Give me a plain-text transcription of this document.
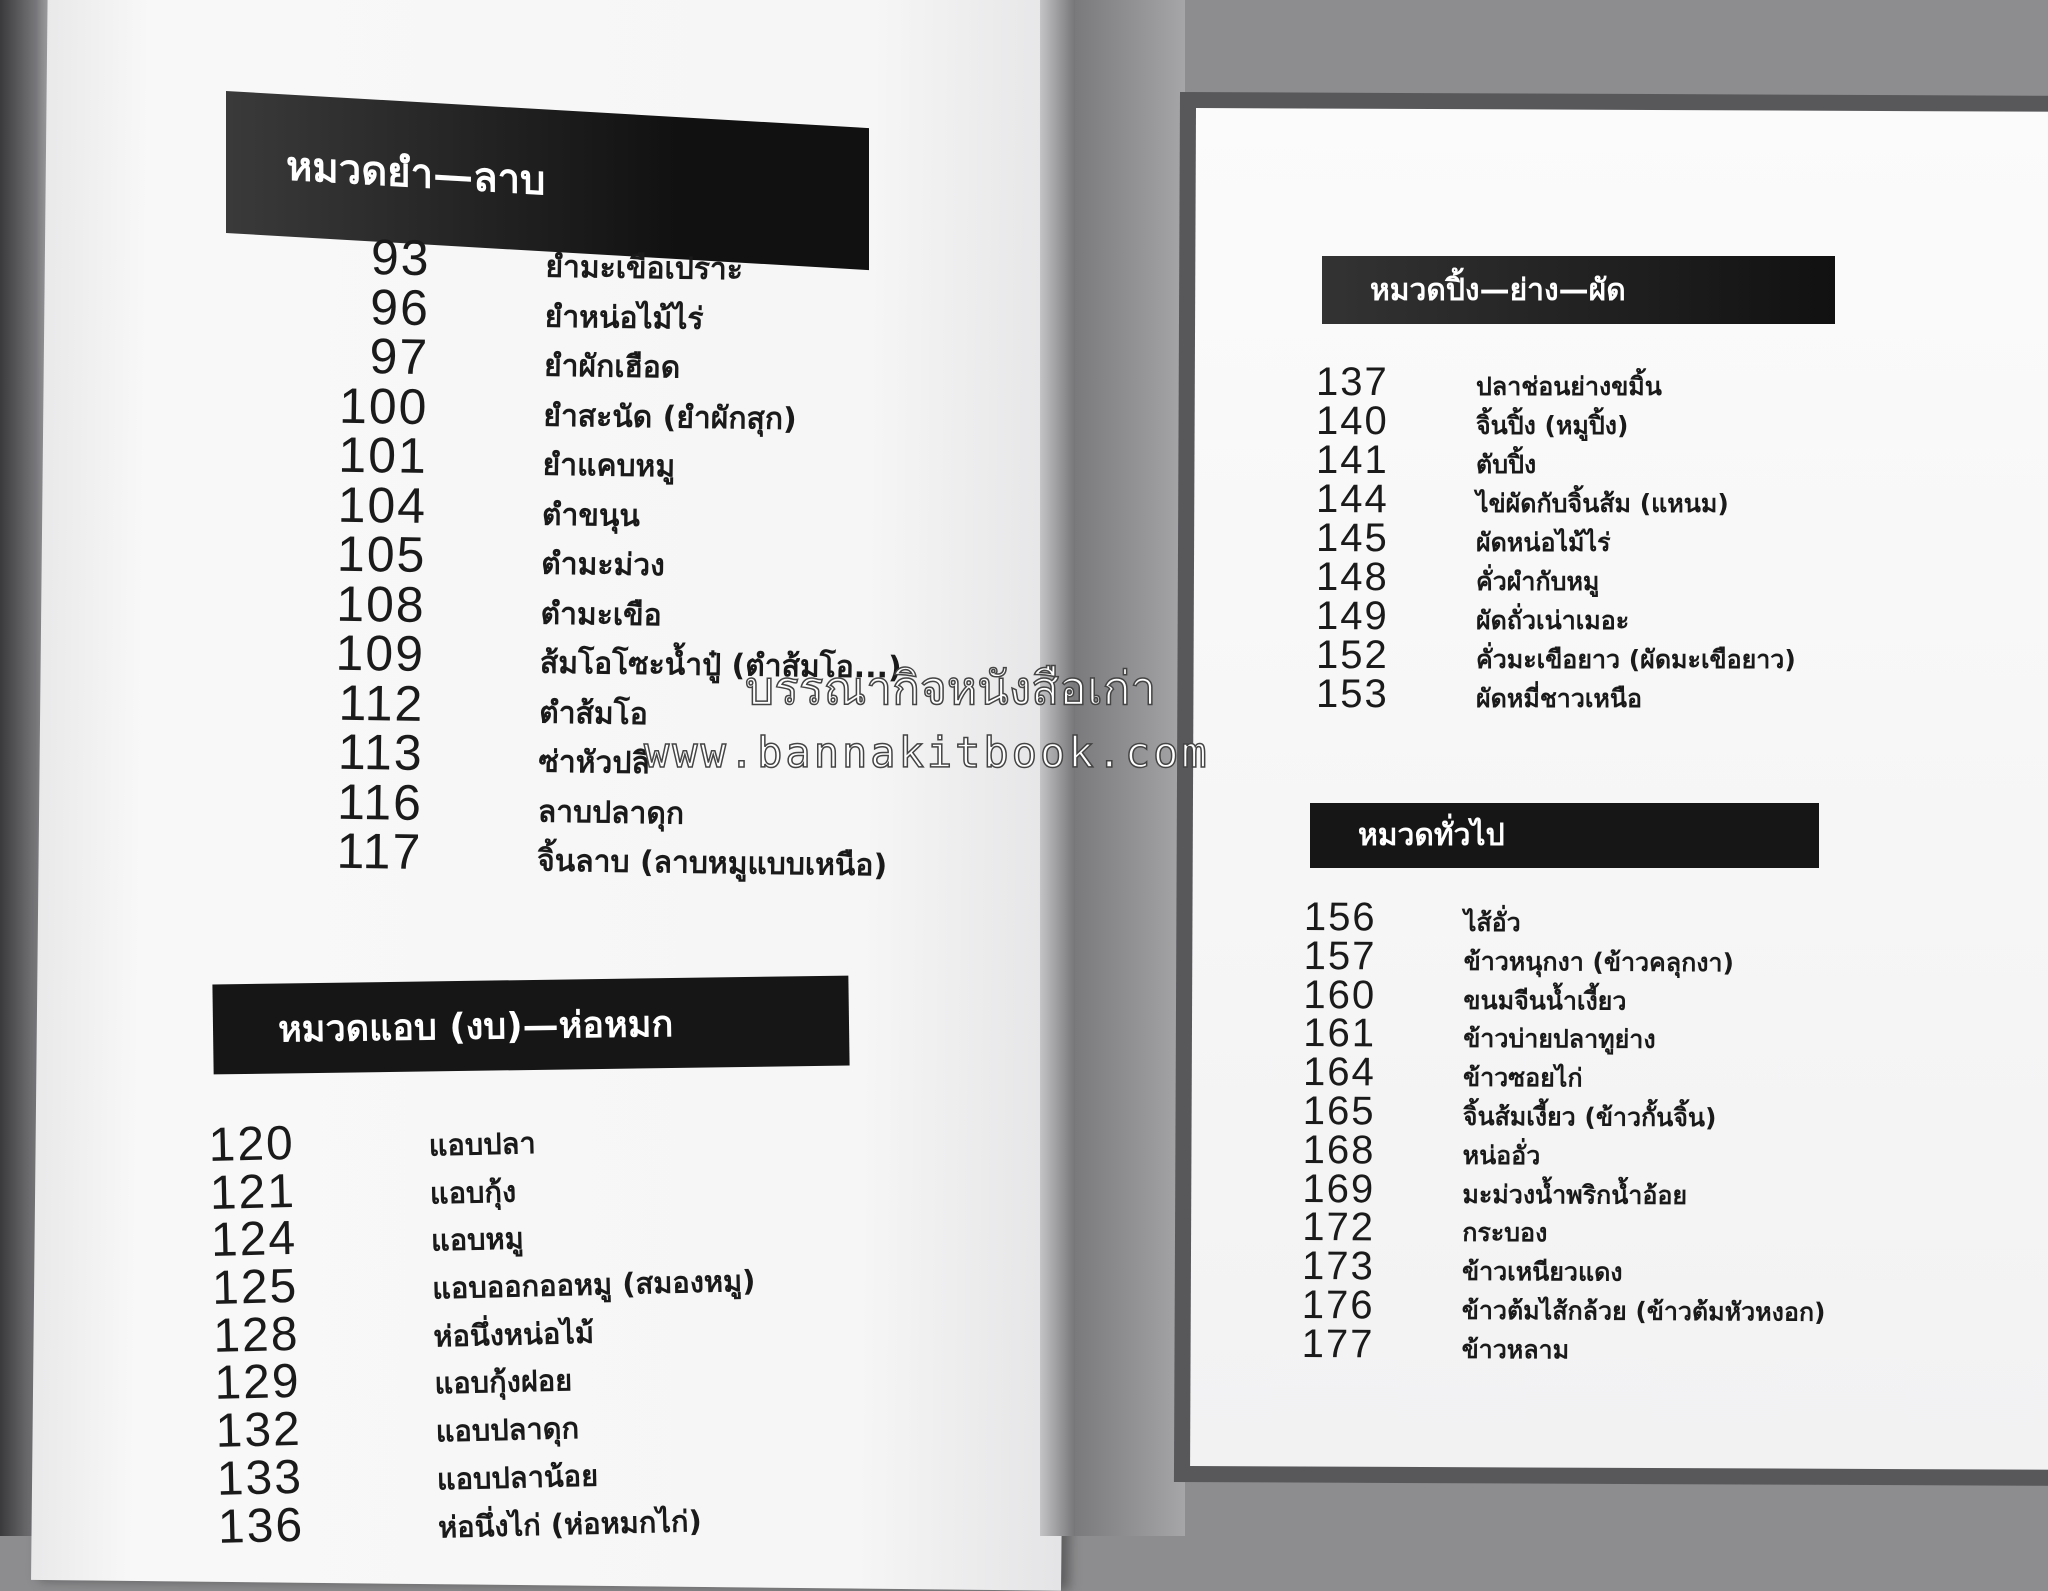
หมวดยำ—ลาบ
93	ยำมะเขือเปราะ
96	ยำหน่อไม้ไร่
97	ยำผักเฮือด
100	ยำสะนัด (ยำผักสุก)
101	ยำแคบหมู
104	ตำขนุน
105	ตำมะม่วง
108	ตำมะเขือ
109	ส้มโอโซะน้ำปู๋ (ตำส้มโอ...)
112	ตำส้มโอ
113	ซ่าหัวปลี
116	ลาบปลาดุก
117	จิ้นลาบ (ลาบหมูแบบเหนือ)
หมวดแอบ (งบ)—ห่อหมก
120	แอบปลา
121	แอบกุ้ง
124	แอบหมู
125	แอบออกออหมู (สมองหมู)
128	ห่อนึ่งหน่อไม้
129	แอบกุ้งฝอย
132	แอบปลาดุก
133	แอบปลาน้อย
136	ห่อนึ่งไก่ (ห่อหมกไก่)
หมวดปิ้ง—ย่าง—ผัด
137	ปลาช่อนย่างขมิ้น
140	จิ้นปิ้ง (หมูปิ้ง)
141	ตับปิ้ง
144	ไข่ผัดกับจิ้นส้ม (แหนม)
145	ผัดหน่อไม้ไร่
148	คั่วผำกับหมู
149	ผัดถั่วเน่าเมอะ
152	คั่วมะเขือยาว (ผัดมะเขือยาว)
153	ผัดหมี่ชาวเหนือ
หมวดทั่วไป
156	ไส้อั่ว
157	ข้าวหนุกงา (ข้าวคลุกงา)
160	ขนมจีนน้ำเงี้ยว
161	ข้าวบ่ายปลาทูย่าง
164	ข้าวซอยไก่
165	จิ้นส้มเงี้ยว (ข้าวกั้นจิ้น)
168	หน่ออั่ว
169	มะม่วงน้ำพริกน้ำอ้อย
172	กระบอง
173	ข้าวเหนียวแดง
176	ข้าวต้มไส้กล้วย (ข้าวต้มหัวหงอก)
177	ข้าวหลาม
บรรณากิจหนังสือเก่า
www.bannakitbook.com
